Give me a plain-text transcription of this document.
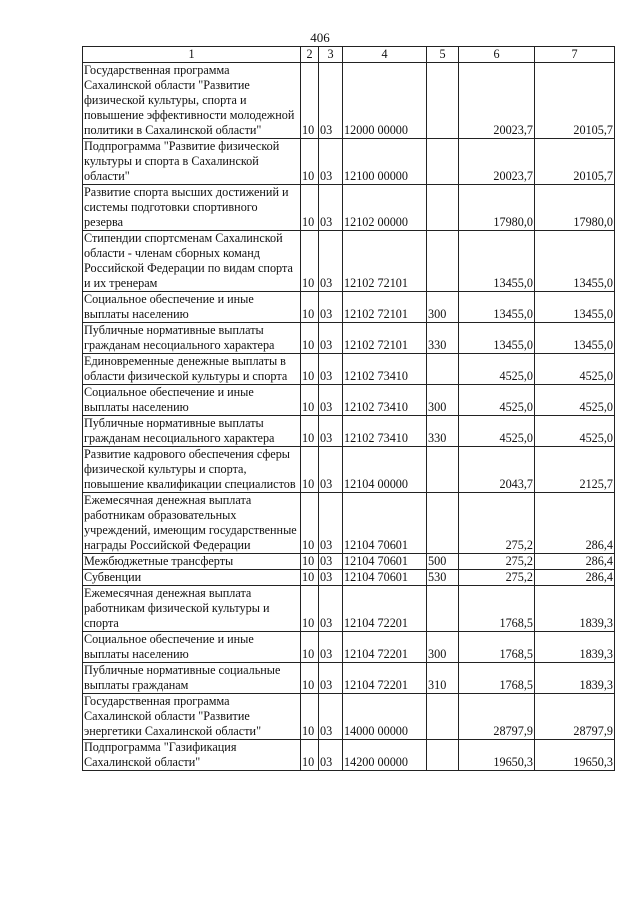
406
1	2	3	4	5	6	7
Государственная программа Сахалинской области "Развитие физической культуры, спорта и повышение эффективности молодежной политики в Сахалинской области"	10	03	12000 00000		20023,7	20105,7
Подпрограмма "Развитие физической культуры и спорта в Сахалинской области"	10	03	12100 00000		20023,7	20105,7
Развитие спорта высших достижений и системы подготовки спортивного резерва	10	03	12102 00000		17980,0	17980,0
Стипендии спортсменам Сахалинской области - членам сборных команд Российской Федерации по видам спорта и их тренерам	10	03	12102 72101		13455,0	13455,0
Социальное обеспечение и иные выплаты населению	10	03	12102 72101	300	13455,0	13455,0
Публичные нормативные выплаты гражданам несоциального характера	10	03	12102 72101	330	13455,0	13455,0
Единовременные денежные выплаты в области физической культуры и спорта	10	03	12102 73410		4525,0	4525,0
Социальное обеспечение и иные выплаты населению	10	03	12102 73410	300	4525,0	4525,0
Публичные нормативные выплаты гражданам несоциального характера	10	03	12102 73410	330	4525,0	4525,0
Развитие кадрового обеспечения сферы физической культуры и спорта, повышение квалификации специалистов	10	03	12104 00000		2043,7	2125,7
Ежемесячная денежная выплата работникам образовательных учреждений, имеющим государственные награды Российской Федерации	10	03	12104 70601		275,2	286,4
Межбюджетные трансферты	10	03	12104 70601	500	275,2	286,4
Субвенции	10	03	12104 70601	530	275,2	286,4
Ежемесячная денежная выплата работникам физической культуры и спорта	10	03	12104 72201		1768,5	1839,3
Социальное обеспечение и иные выплаты населению	10	03	12104 72201	300	1768,5	1839,3
Публичные нормативные социальные выплаты гражданам	10	03	12104 72201	310	1768,5	1839,3
Государственная программа Сахалинской области "Развитие энергетики Сахалинской области"	10	03	14000 00000		28797,9	28797,9
Подпрограмма "Газификация Сахалинской области"	10	03	14200 00000		19650,3	19650,3
